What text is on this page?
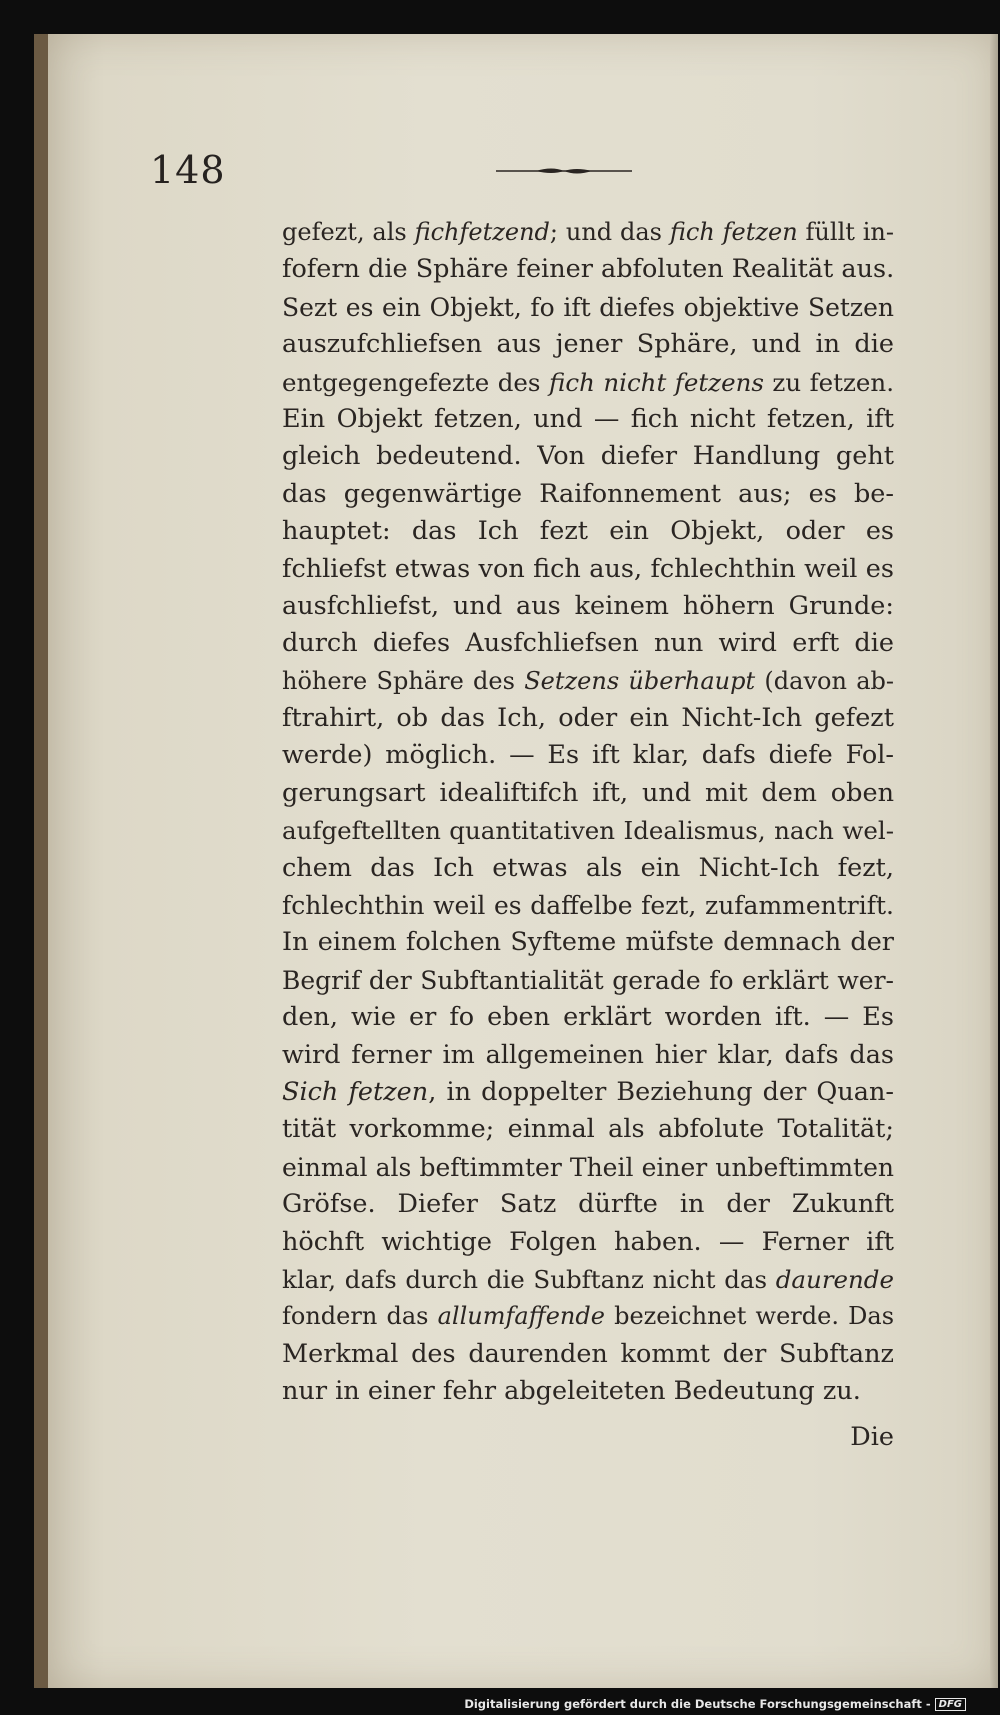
148
gefezt, als fichfetzend; und das fich fetzen füllt in-
fofern die Sphäre feiner abfoluten Realität aus.
Sezt es ein Objekt, fo ift diefes objektive Setzen
auszufchliefsen aus jener Sphäre, und in die
entgegengefezte des fich nicht fetzens zu fetzen.
Ein Objekt fetzen, und — fich nicht fetzen, ift
gleich bedeutend. Von diefer Handlung geht
das gegenwärtige Raifonnement aus; es be-
hauptet: das Ich fezt ein Objekt, oder es
fchliefst etwas von fich aus, fchlechthin weil es
ausfchliefst, und aus keinem höhern Grunde:
durch diefes Ausfchliefsen nun wird erft die
höhere Sphäre des Setzens überhaupt (davon ab-
ftrahirt, ob das Ich, oder ein Nicht-Ich gefezt
werde) möglich. — Es ift klar, dafs diefe Fol-
gerungsart idealiftifch ift, und mit dem oben
aufgeftellten quantitativen Idealismus, nach wel-
chem das Ich etwas als ein Nicht-Ich fezt,
fchlechthin weil es daffelbe fezt, zufammentrift.
In einem folchen Syfteme müfste demnach der
Begrif der Subftantialität gerade fo erklärt wer-
den, wie er fo eben erklärt worden ift. — Es
wird ferner im allgemeinen hier klar, dafs das
Sich fetzen, in doppelter Beziehung der Quan-
tität vorkomme; einmal als abfolute Totalität;
einmal als beftimmter Theil einer unbeftimmten
Gröfse. Diefer Satz dürfte in der Zukunft
höchft wichtige Folgen haben. — Ferner ift
klar, dafs durch die Subftanz nicht das daurende
fondern das allumfaffende bezeichnet werde. Das
Merkmal des daurenden kommt der Subftanz
nur in einer fehr abgeleiteten Bedeutung zu.
Die
Digitalisierung gefördert durch die Deutsche Forschungsgemeinschaft - DFG
